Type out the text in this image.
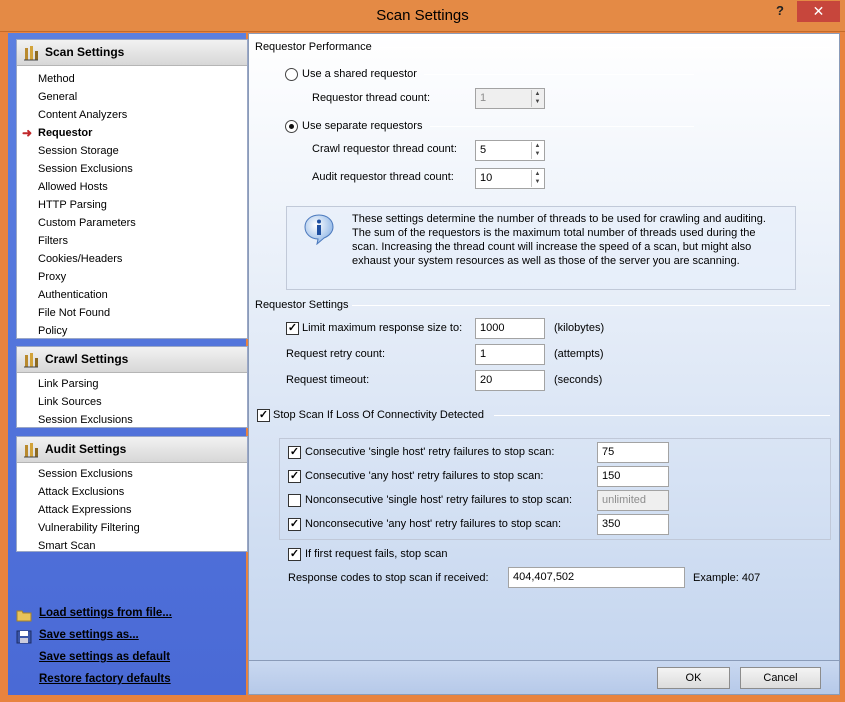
Scan Settings	?	✕
Scan Settings
Method
General
Content Analyzers
➜ Requestor
Session Storage
Session Exclusions
Allowed Hosts
HTTP Parsing
Custom Parameters
Filters
Cookies/Headers
Proxy
Authentication
File Not Found
Policy
Crawl Settings
Link Parsing
Link Sources
Session Exclusions
Audit Settings
Session Exclusions
Attack Exclusions
Attack Expressions
Vulnerability Filtering
Smart Scan
Load settings from file...
Save settings as...
Save settings as default
Restore factory defaults
Requestor Performance
Use a shared requestor
Requestor thread count:	1	▲
▼
Use separate requestors
Crawl requestor thread count:	5	▲
▼
Audit requestor thread count:	10	▲
▼
These settings determine the number of threads to be used for crawling and auditing.
The sum of the requestors is the maximum total number of threads used during the
scan. Increasing the thread count will increase the speed of a scan, but might also
exhaust your system resources as well as those of the server you are scanning.
Requestor Settings
✓ Limit maximum response size to:	1000	(kilobytes)
Request retry count:	1	(attempts)
Request timeout:	20	(seconds)
✓ Stop Scan If Loss Of Connectivity Detected
✓ Consecutive 'single host' retry failures to stop scan:	75
✓ Consecutive 'any host' retry failures to stop scan:	150
Nonconsecutive 'single host' retry failures to stop scan:	unlimited
✓ Nonconsecutive 'any host' retry failures to stop scan:	350
✓ If first request fails, stop scan
Response codes to stop scan if received:	404,407,502	Example: 407
OK	Cancel
